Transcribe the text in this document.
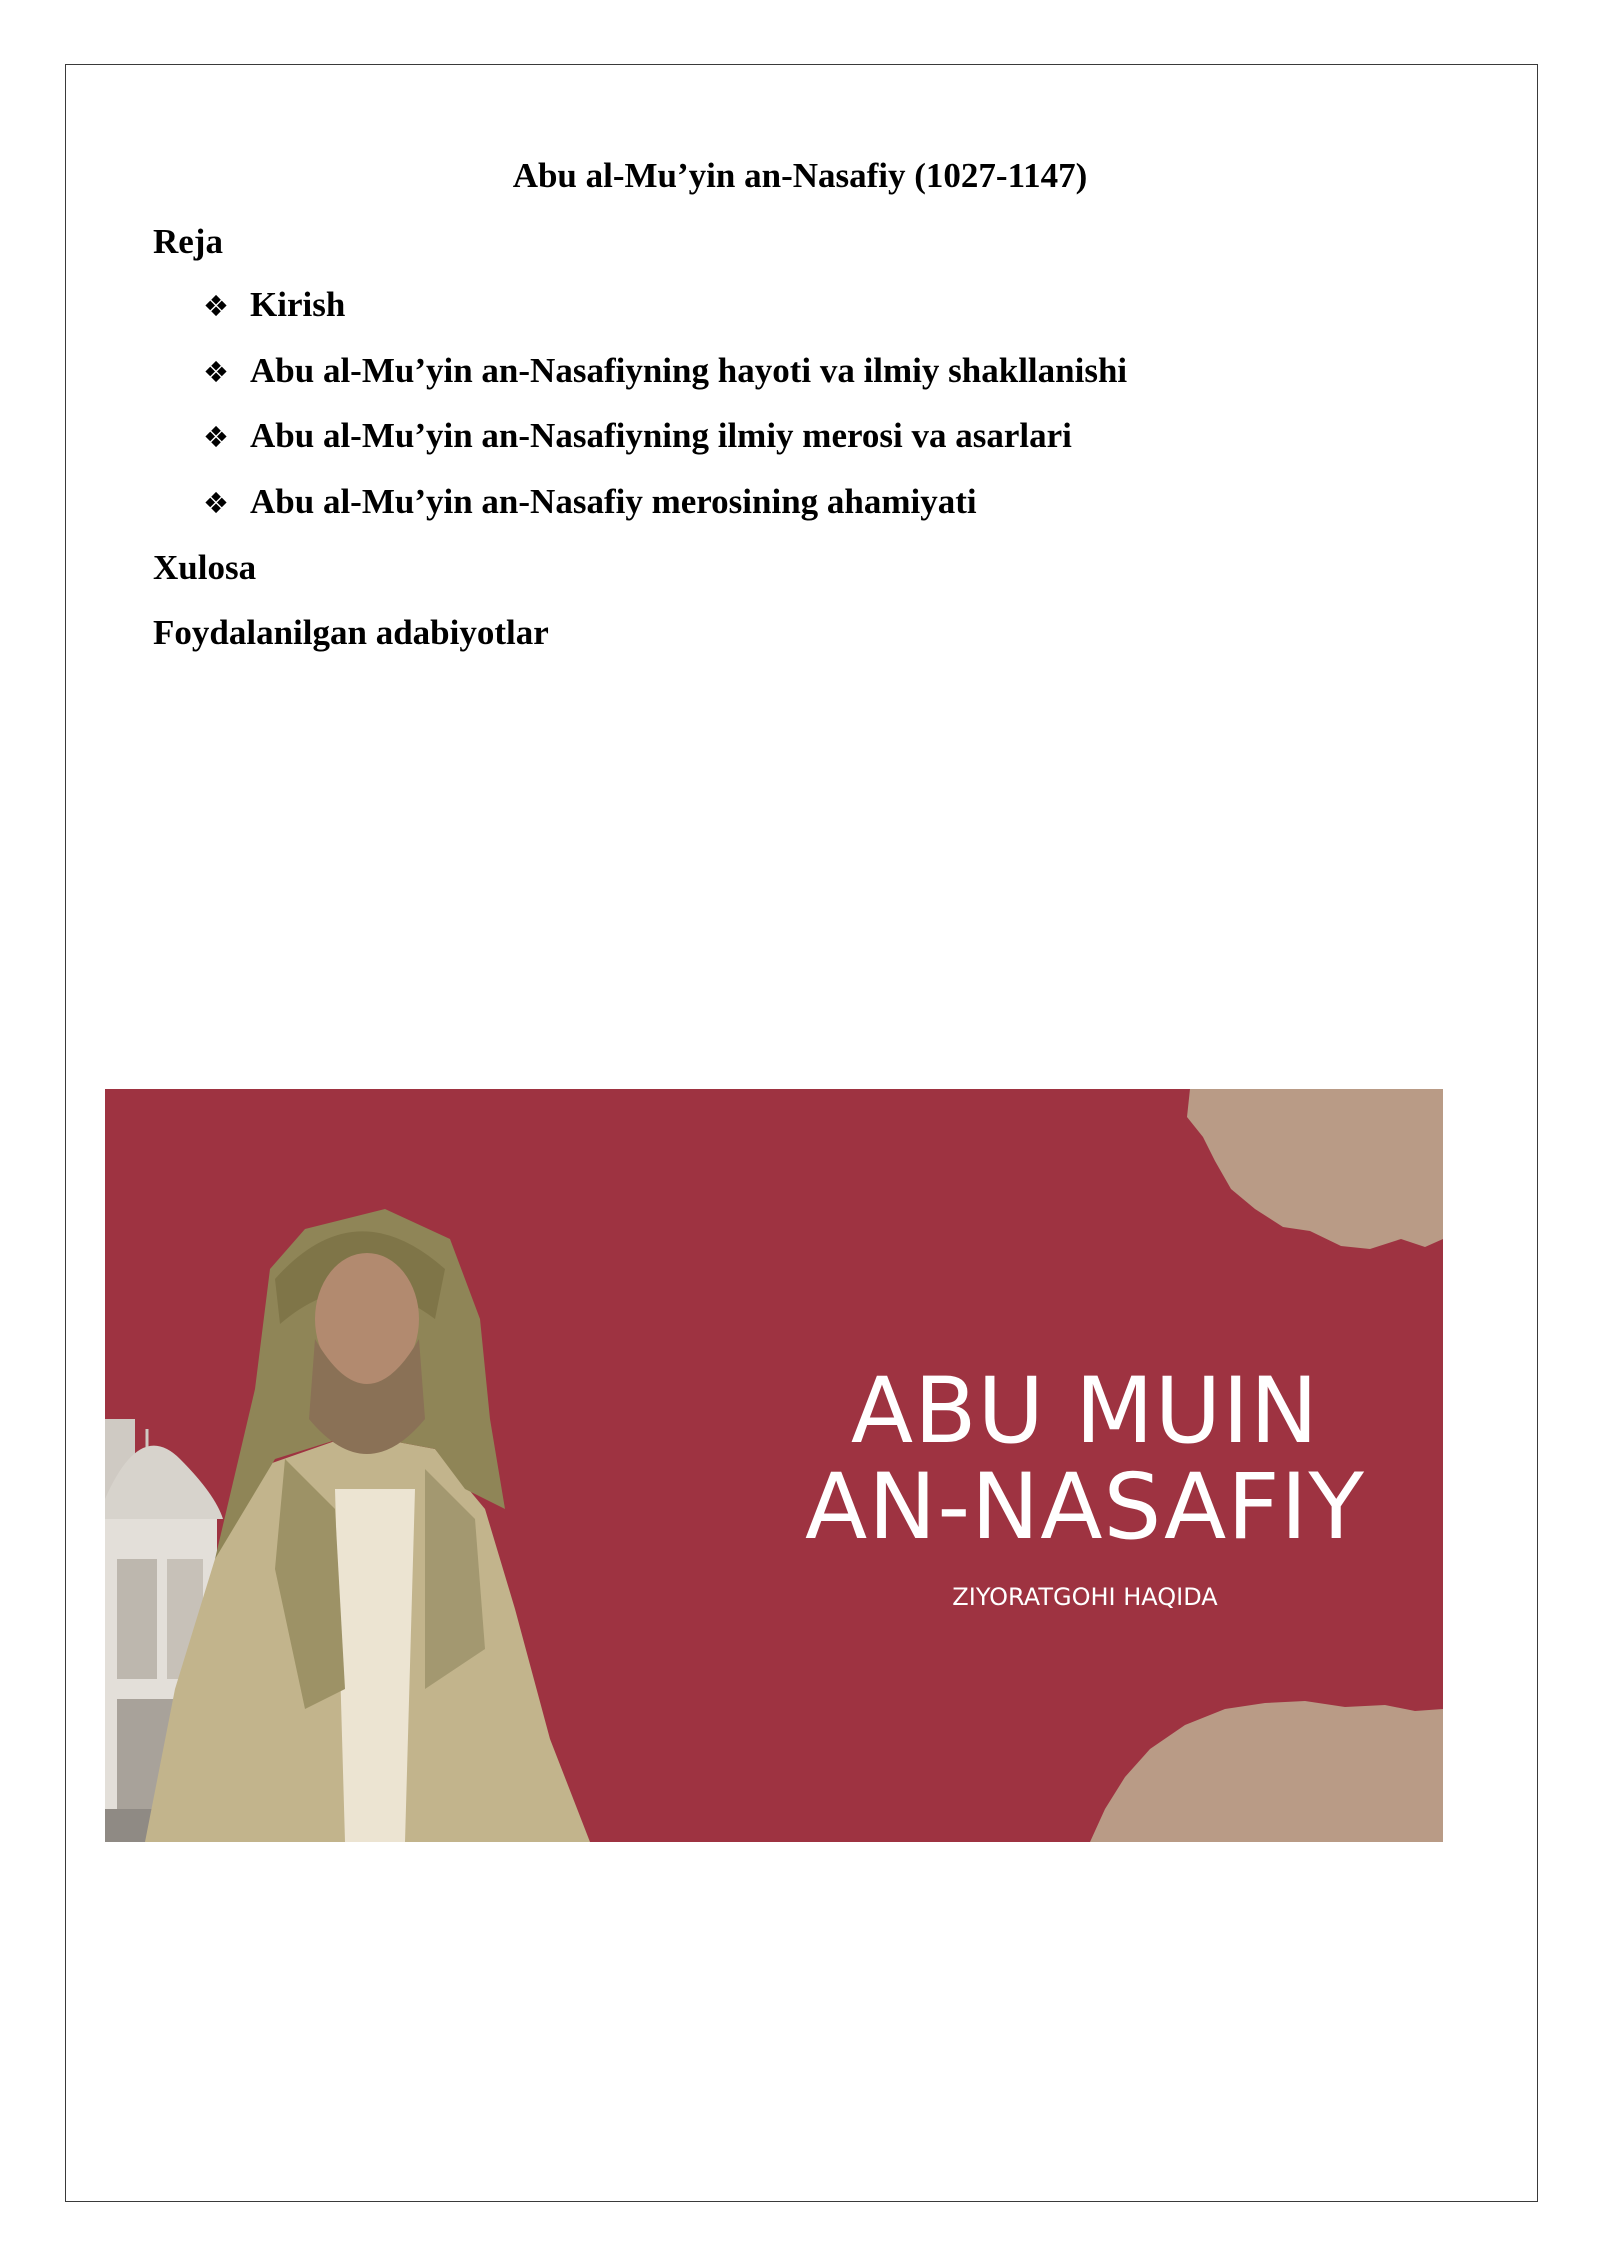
Abu al-Mu’yin an-Nasafiy (1027-1147)
Reja
❖ Kirish
❖ Abu al-Mu’yin an-Nasafiyning hayoti va ilmiy shakllanishi
❖ Abu al-Mu’yin an-Nasafiyning ilmiy merosi va asarlari
❖ Abu al-Mu’yin an-Nasafiy merosining ahamiyati
Xulosa
Foydalanilgan adabiyotlar
ABU MUIN
AN-NASAFIY
ZIYORATGOHI HAQIDA
